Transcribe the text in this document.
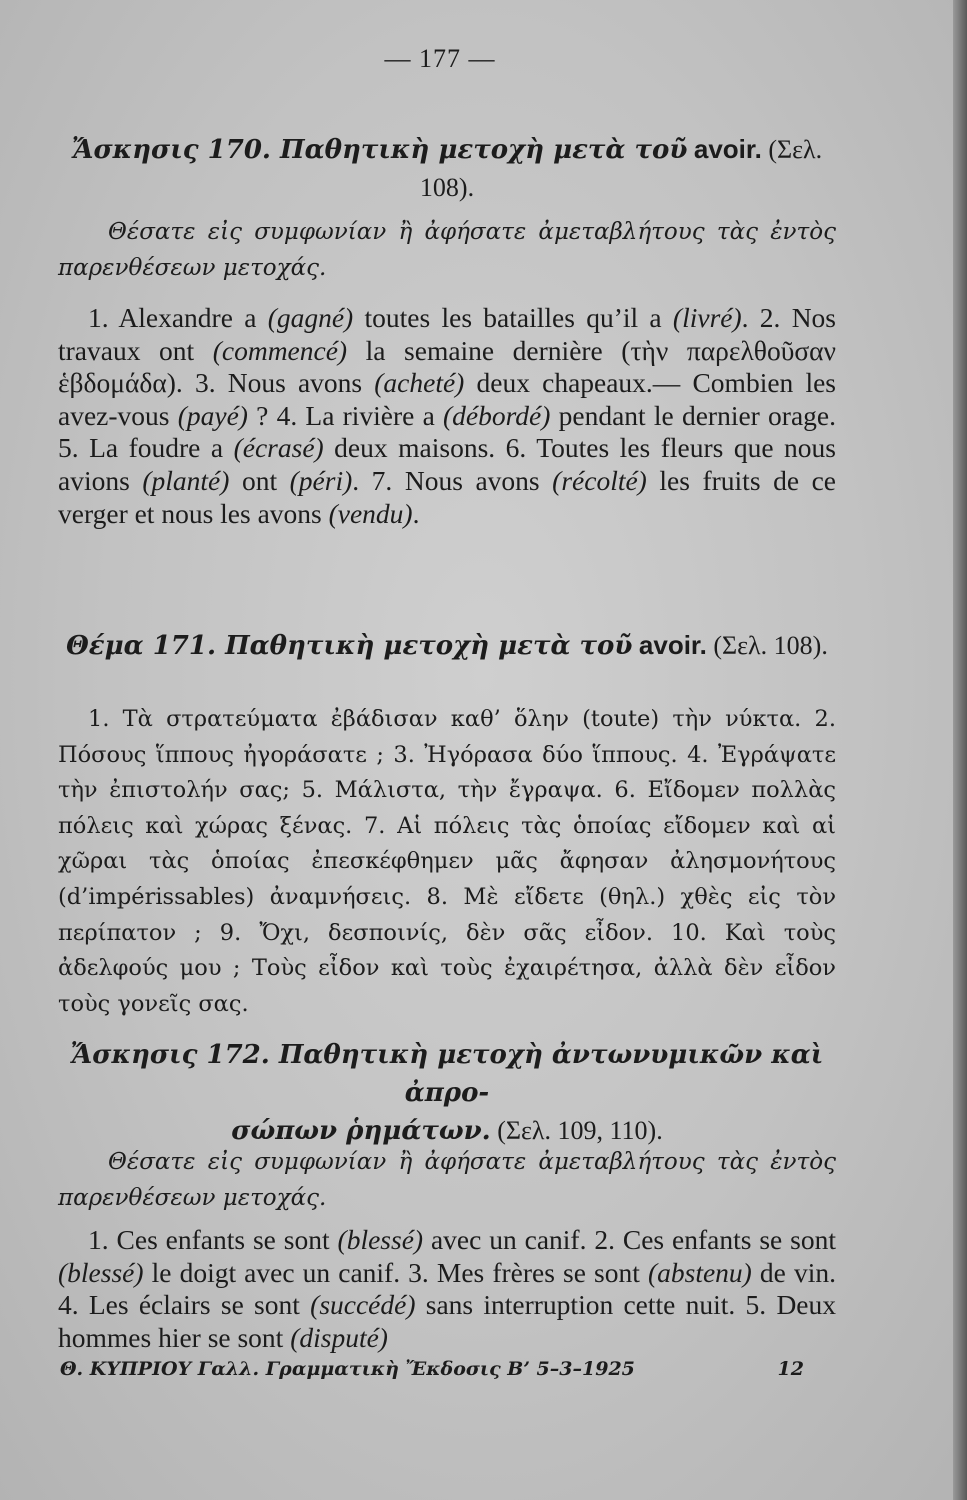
— 177 —
Ἄσκησις 170. Παθητικὴ μετοχὴ μετὰ τοῦ avoir. (Σελ. 108).
Θέσατε εἰς συμφωνίαν ἢ ἀφήσατε ἀμεταβλήτους τὰς ἐντὸς παρενθέσεων μετοχάς.
1. Alexandre a (gagné) toutes les batailles qu’il a (livré). 2. Nos travaux ont (commencé) la semaine dernière (τὴν παρελθοῦσαν ἑβδομάδα). 3. Nous avons (acheté) deux chapeaux.— Combien les avez-vous (payé) ? 4. La rivière a (débordé) pendant le dernier orage. 5. La foudre a (écrasé) deux maisons. 6. Toutes les fleurs que nous avions (planté) ont (péri). 7. Nous avons (récolté) les fruits de ce verger et nous les avons (vendu).
Θέμα 171. Παθητικὴ μετοχὴ μετὰ τοῦ avoir. (Σελ. 108).
1. Τὰ στρατεύματα ἐβάδισαν καθ’ ὅλην (toute) τὴν νύκτα. 2. Πόσους ἵππους ἠγοράσατε ; 3. Ἠγόρασα δύο ἵππους. 4. Ἐγράψατε τὴν ἐπιστολήν σας; 5. Μάλιστα, τὴν ἔγραψα. 6. Εἴδομεν πολλὰς πόλεις καὶ χώρας ξένας. 7. Αἱ πόλεις τὰς ὁποίας εἴδομεν καὶ αἱ χῶραι τὰς ὁποίας ἐπεσκέφθημεν μᾶς ἄφησαν ἀλησμονήτους (d’impérissables) ἀναμνήσεις. 8. Μὲ εἴδετε (θηλ.) χθὲς εἰς τὸν περίπατον ; 9. Ὄχι, δεσποινίς, δὲν σᾶς εἶδον. 10. Καὶ τοὺς ἀδελφούς μου ; Τοὺς εἶδον καὶ τοὺς ἐχαιρέτησα, ἀλλὰ δὲν εἶδον τοὺς γονεῖς σας.
Ἄσκησις 172. Παθητικὴ μετοχὴ ἀντωνυμικῶν καὶ ἀπρο-
σώπων ῥημάτων. (Σελ. 109, 110).
Θέσατε εἰς συμφωνίαν ἢ ἀφήσατε ἀμεταβλήτους τὰς ἐντὸς παρενθέσεων μετοχάς.
1. Ces enfants se sont (blessé) avec un canif. 2. Ces enfants se sont (blessé) le doigt avec un canif. 3. Mes frères se sont (abstenu) de vin. 4. Les éclairs se sont (succédé) sans interruption cette nuit. 5. Deux hommes hier se sont (disputé)
Θ. ΚΥΠΡΙΟΥ Γαλλ. Γραμματικὴ Ἔκδοσις Β’ 5–3–1925	12
